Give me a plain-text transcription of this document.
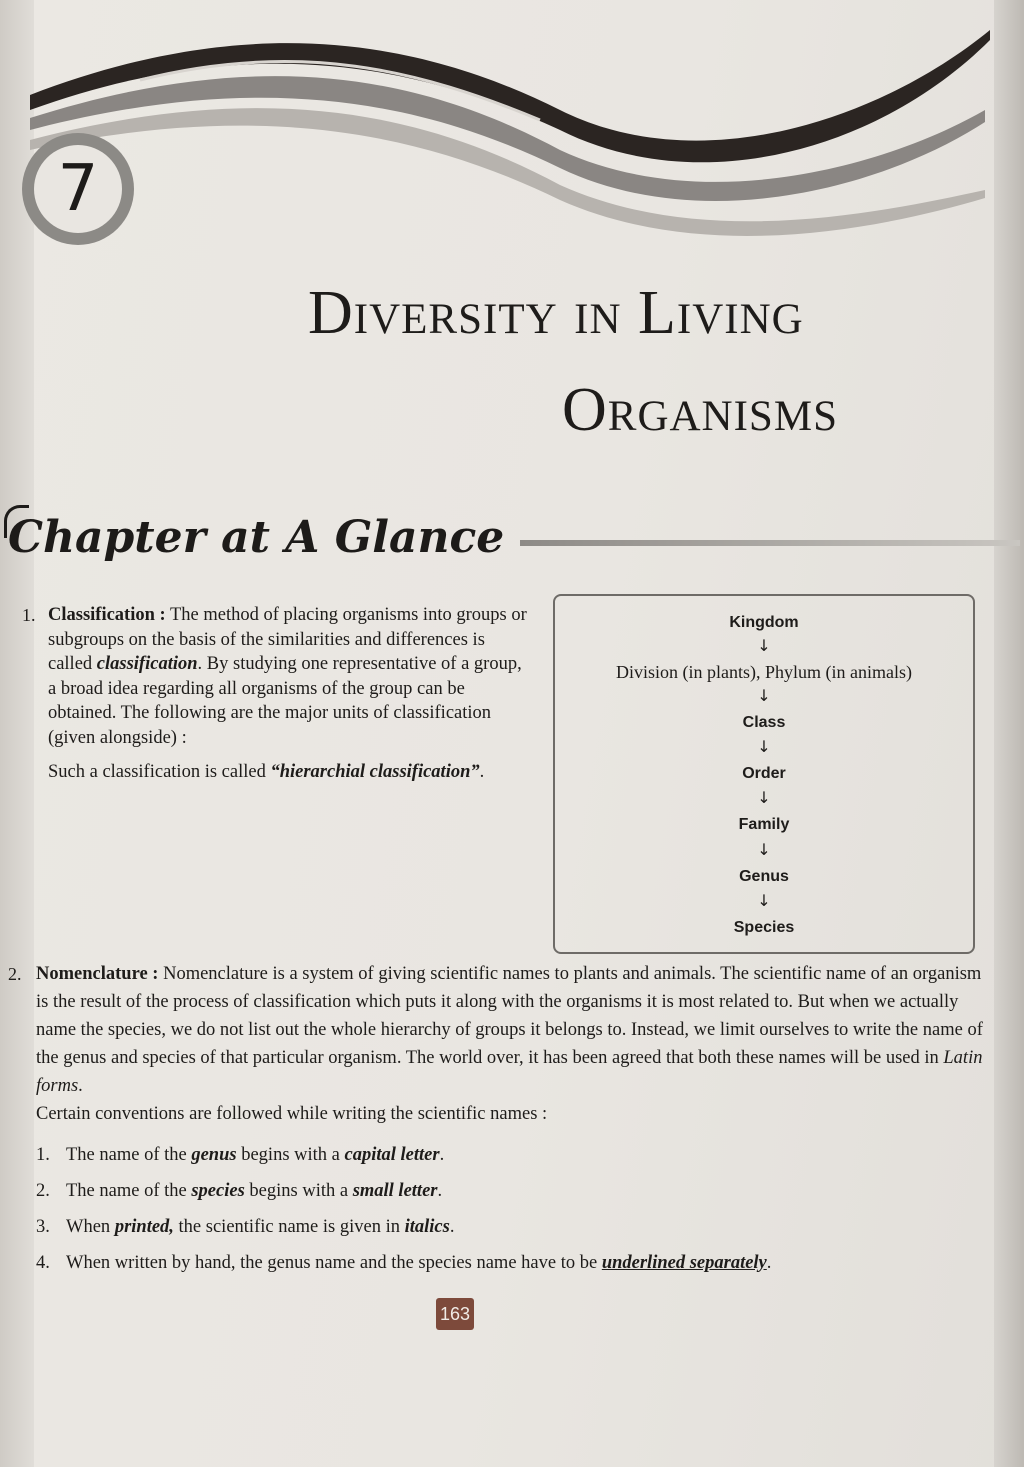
7
Diversity in Living
Organisms
Chapter at A Glance
1. Classification : The method of placing organisms into groups or subgroups on the basis of the similarities and differences is called classification. By studying one representative of a group, a broad idea regarding all organisms of the group can be obtained. The following are the major units of classification (given alongside) :
Such a classification is called “hierarchial classification”.
Kingdom
↓
Division (in plants), Phylum (in animals)
↓
Class
↓
Order
↓
Family
↓
Genus
↓
Species
2. Nomenclature : Nomenclature is a system of giving scientific names to plants and animals. The scientific name of an organism is the result of the process of classification which puts it along with the organisms it is most related to. But when we actually name the species, we do not list out the whole hierarchy of groups it belongs to. Instead, we limit ourselves to write the name of the genus and species of that particular organism. The world over, it has been agreed that both these names will be used in Latin forms.
Certain conventions are followed while writing the scientific names :
1. The name of the genus begins with a capital letter.
2. The name of the species begins with a small letter.
3. When printed, the scientific name is given in italics.
4. When written by hand, the genus name and the species name have to be underlined separately.
163
